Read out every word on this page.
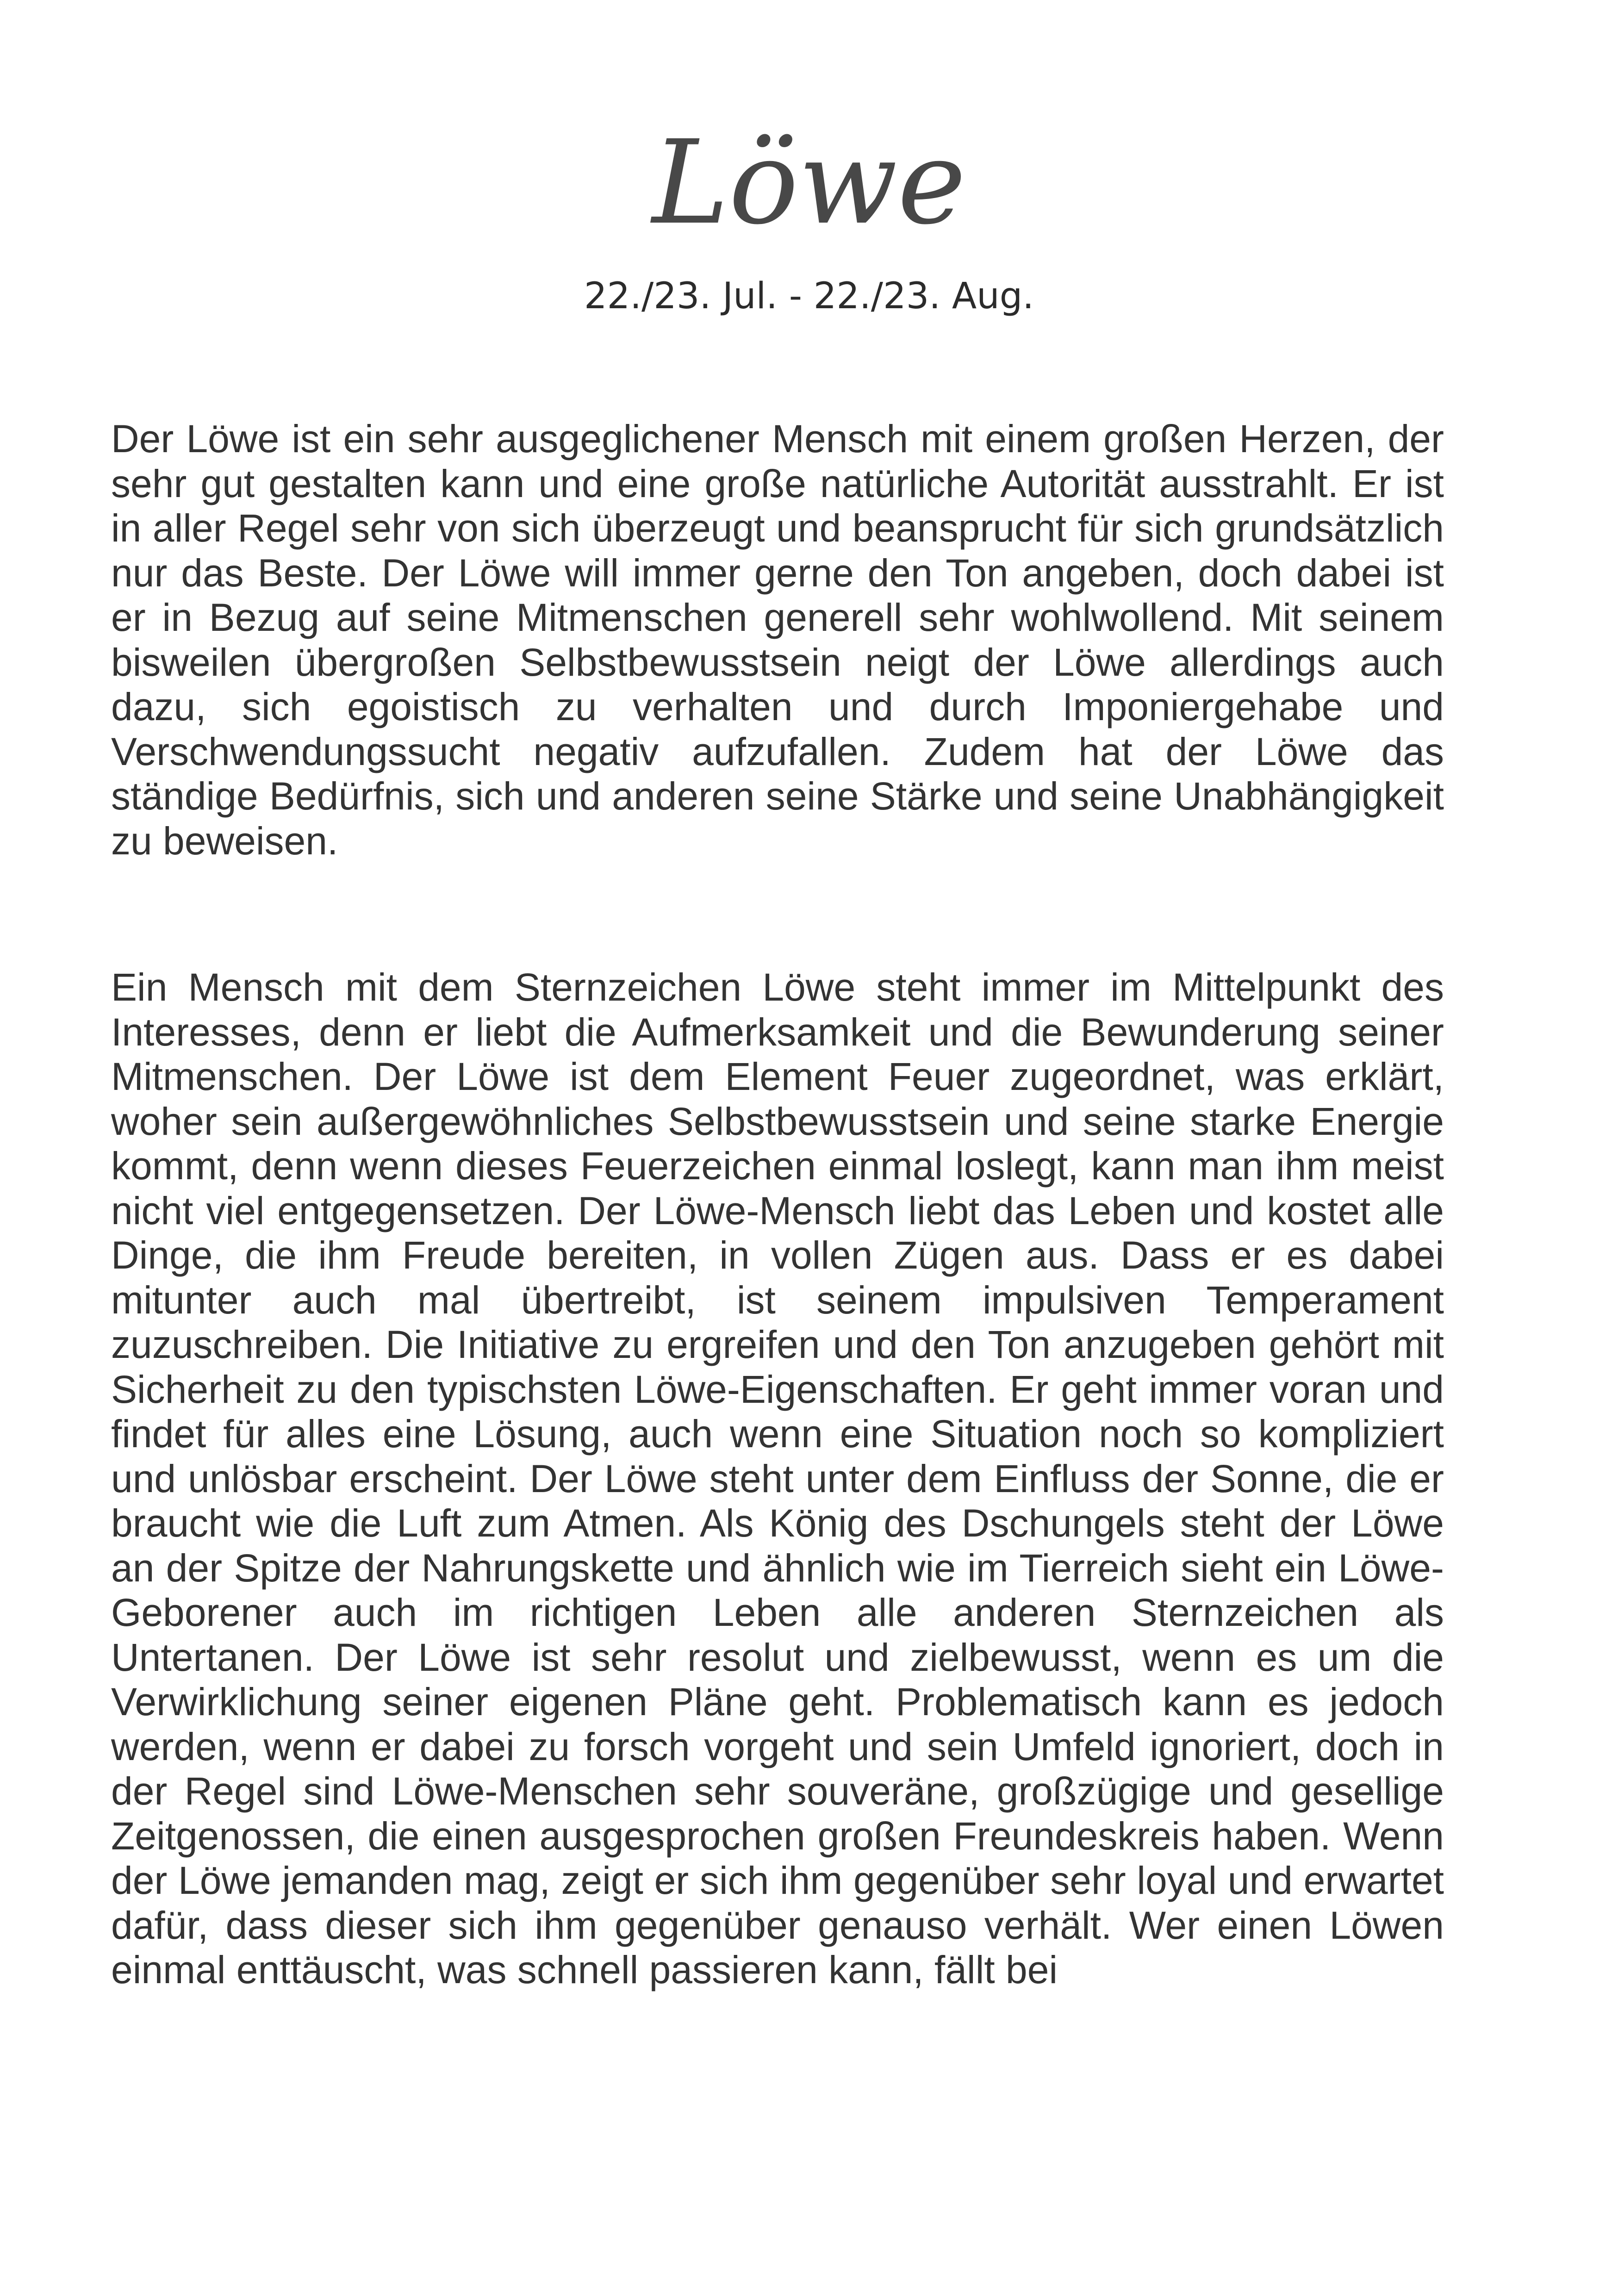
Löwe
22./23. Jul. - 22./23. Aug.

Der Löwe ist ein sehr ausgeglichener Mensch mit einem großen Herzen, der sehr gut gestalten kann und eine große natürliche Autorität ausstrahlt. Er ist in aller Regel sehr von sich überzeugt und beansprucht für sich grundsätzlich nur das Beste. Der Löwe will immer gerne den Ton angeben, doch dabei ist er in Bezug auf seine Mitmenschen generell sehr wohlwollend. Mit seinem bisweilen übergroßen Selbstbewusstsein neigt der Löwe allerdings auch dazu, sich egoistisch zu verhalten und durch Imponiergehabe und Verschwendungssucht negativ aufzufallen. Zudem hat der Löwe das ständige Bedürfnis, sich und anderen seine Stärke und seine Unabhängigkeit zu beweisen.

Ein Mensch mit dem Sternzeichen Löwe steht immer im Mittelpunkt des Interesses, denn er liebt die Aufmerksamkeit und die Bewunderung seiner Mitmenschen. Der Löwe ist dem Element Feuer zugeordnet, was erklärt, woher sein außergewöhnliches Selbstbewusstsein und seine starke Energie kommt, denn wenn dieses Feuerzeichen einmal loslegt, kann man ihm meist nicht viel entgegensetzen. Der Löwe-Mensch liebt das Leben und kostet alle Dinge, die ihm Freude bereiten, in vollen Zügen aus. Dass er es dabei mitunter auch mal übertreibt, ist seinem impulsiven Temperament zuzuschreiben. Die Initiative zu ergreifen und den Ton anzugeben gehört mit Sicherheit zu den typischsten Löwe-Eigenschaften. Er geht immer voran und findet für alles eine Lösung, auch wenn eine Situation noch so kompliziert und unlösbar erscheint. Der Löwe steht unter dem Einfluss der Sonne, die er braucht wie die Luft zum Atmen. Als König des Dschungels steht der Löwe an der Spitze der Nahrungskette und ähnlich wie im Tierreich sieht ein Löwe-Geborener auch im richtigen Leben alle anderen Sternzeichen als Untertanen. Der Löwe ist sehr resolut und zielbewusst, wenn es um die Verwirklichung seiner eigenen Pläne geht. Problematisch kann es jedoch werden, wenn er dabei zu forsch vorgeht und sein Umfeld ignoriert, doch in der Regel sind Löwe-Menschen sehr souveräne, großzügige und gesellige Zeitgenossen, die einen ausgesprochen großen Freundeskreis haben. Wenn der Löwe jemanden mag, zeigt er sich ihm gegenüber sehr loyal und erwartet dafür, dass dieser sich ihm gegenüber genauso verhält. Wer einen Löwen einmal enttäuscht, was schnell passieren kann, fällt bei
